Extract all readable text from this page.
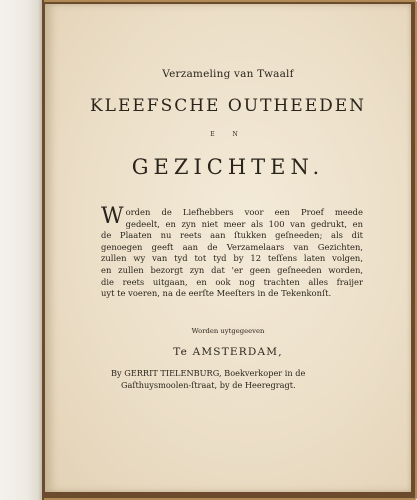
Verzameling van Twaalf
KLEEFSCHE OUTHEEDEN
E N
GEZICHTEN.
W orden de Liefhebbers voor een Proef meede
gedeelt, en zyn niet meer als 100 van gedrukt, en
de Plaaten nu reets aan ſtukken geſneeden; als dit
genoegen geeft aan de Verzamelaars van Gezichten,
zullen wy van tyd tot tyd by 12 teſſens laten volgen,
en zullen bezorgt zyn dat 'er geen geſneeden worden,
die reets uitgaan, en ook nog trachten alles fraijer
uyt te voeren, na de eerſte Meeſters in de Tekenkonſt.
Worden uytgegeeven
Te AMSTERDAM,
By GERRIT TIELENBURG, Boekverkoper in de
Gaſthuysmoolen-ſtraat, by de Heeregragt.
